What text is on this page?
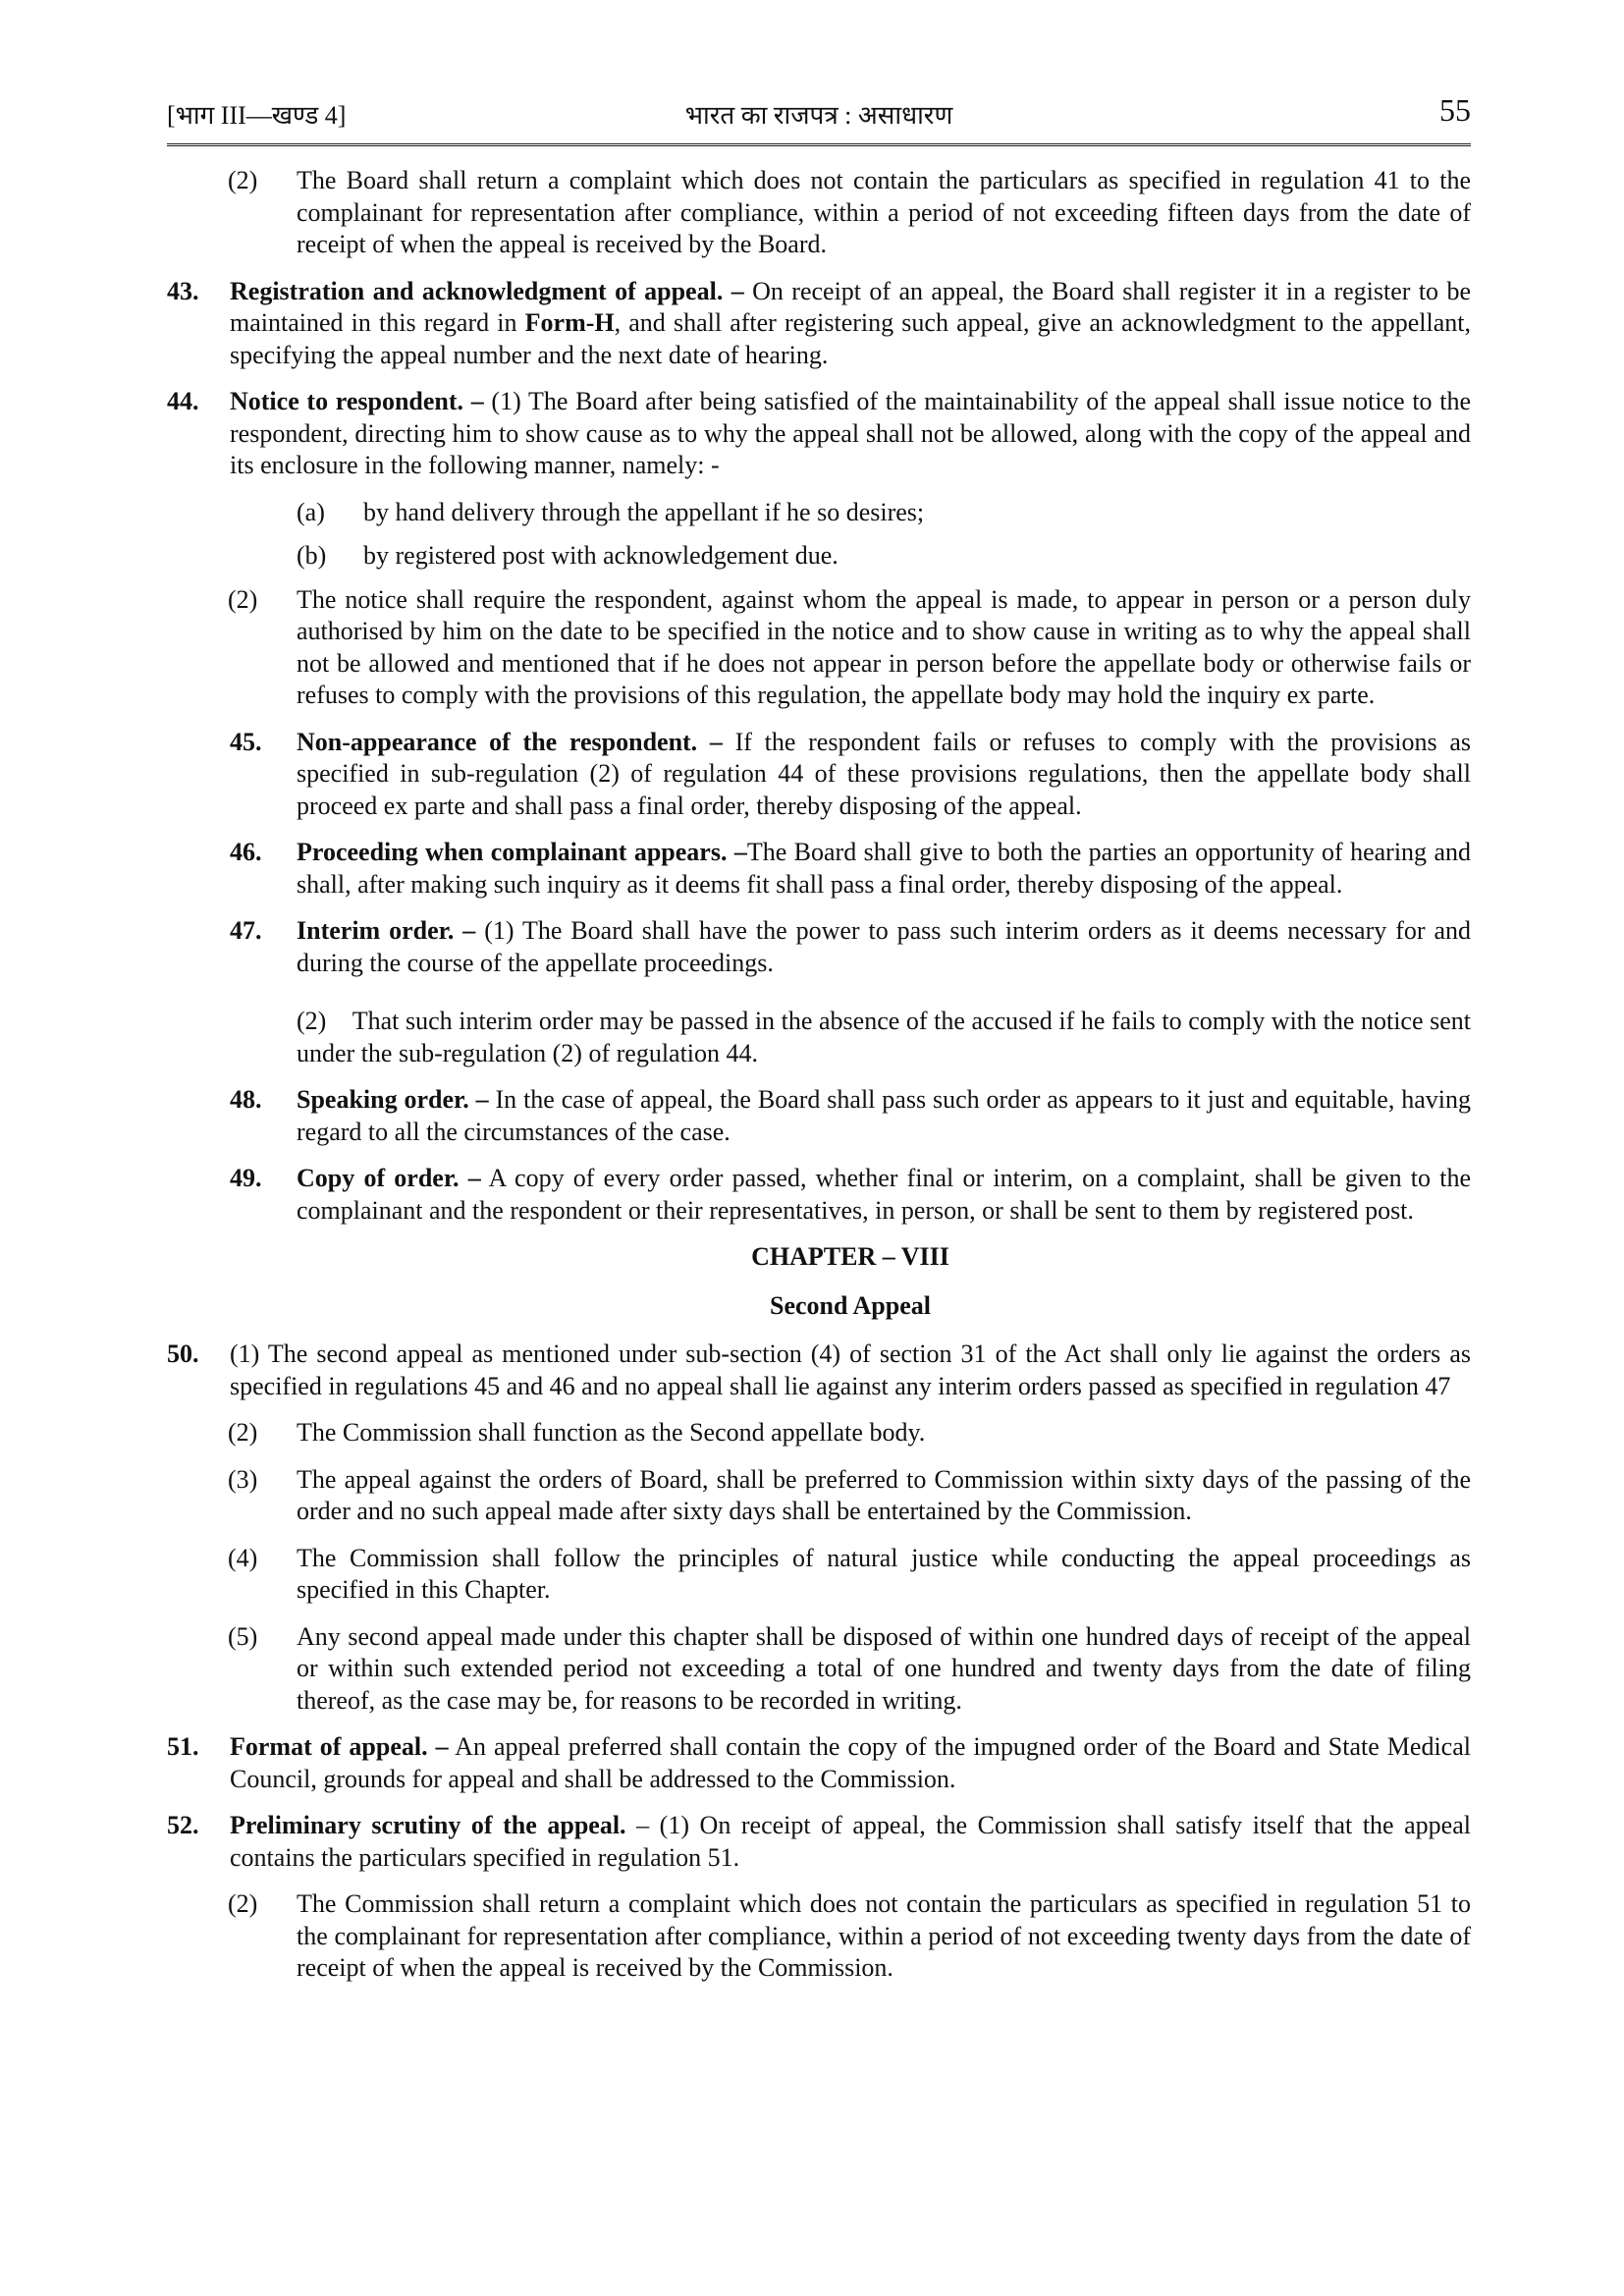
[भाग III—खण्ड 4]	भारत का राजपत्र : असाधारण	55
(2) The Board shall return a complaint which does not contain the particulars as specified in regulation 41 to the complainant for representation after compliance, within a period of not exceeding fifteen days from the date of receipt of when the appeal is received by the Board.
43. Registration and acknowledgment of appeal. – On receipt of an appeal, the Board shall register it in a register to be maintained in this regard in Form-H, and shall after registering such appeal, give an acknowledgment to the appellant, specifying the appeal number and the next date of hearing.
44. Notice to respondent. – (1) The Board after being satisfied of the maintainability of the appeal shall issue notice to the respondent, directing him to show cause as to why the appeal shall not be allowed, along with the copy of the appeal and its enclosure in the following manner, namely: -
(a) by hand delivery through the appellant if he so desires;
(b) by registered post with acknowledgement due.
(2) The notice shall require the respondent, against whom the appeal is made, to appear in person or a person duly authorised by him on the date to be specified in the notice and to show cause in writing as to why the appeal shall not be allowed and mentioned that if he does not appear in person before the appellate body or otherwise fails or refuses to comply with the provisions of this regulation, the appellate body may hold the inquiry ex parte.
45. Non-appearance of the respondent. – If the respondent fails or refuses to comply with the provisions as specified in sub-regulation (2) of regulation 44 of these provisions regulations, then the appellate body shall proceed ex parte and shall pass a final order, thereby disposing of the appeal.
46. Proceeding when complainant appears. –The Board shall give to both the parties an opportunity of hearing and shall, after making such inquiry as it deems fit shall pass a final order, thereby disposing of the appeal.
47. Interim order. – (1) The Board shall have the power to pass such interim orders as it deems necessary for and during the course of the appellate proceedings.
(2) That such interim order may be passed in the absence of the accused if he fails to comply with the notice sent under the sub-regulation (2) of regulation 44.
48. Speaking order. – In the case of appeal, the Board shall pass such order as appears to it just and equitable, having regard to all the circumstances of the case.
49. Copy of order. – A copy of every order passed, whether final or interim, on a complaint, shall be given to the complainant and the respondent or their representatives, in person, or shall be sent to them by registered post.
CHAPTER – VIII
Second Appeal
50. (1) The second appeal as mentioned under sub-section (4) of section 31 of the Act shall only lie against the orders as specified in regulations 45 and 46 and no appeal shall lie against any interim orders passed as specified in regulation 47
(2) The Commission shall function as the Second appellate body.
(3) The appeal against the orders of Board, shall be preferred to Commission within sixty days of the passing of the order and no such appeal made after sixty days shall be entertained by the Commission.
(4) The Commission shall follow the principles of natural justice while conducting the appeal proceedings as specified in this Chapter.
(5) Any second appeal made under this chapter shall be disposed of within one hundred days of receipt of the appeal or within such extended period not exceeding a total of one hundred and twenty days from the date of filing thereof, as the case may be, for reasons to be recorded in writing.
51. Format of appeal. – An appeal preferred shall contain the copy of the impugned order of the Board and State Medical Council, grounds for appeal and shall be addressed to the Commission.
52. Preliminary scrutiny of the appeal. – (1) On receipt of appeal, the Commission shall satisfy itself that the appeal contains the particulars specified in regulation 51.
(2) The Commission shall return a complaint which does not contain the particulars as specified in regulation 51 to the complainant for representation after compliance, within a period of not exceeding twenty days from the date of receipt of when the appeal is received by the Commission.
